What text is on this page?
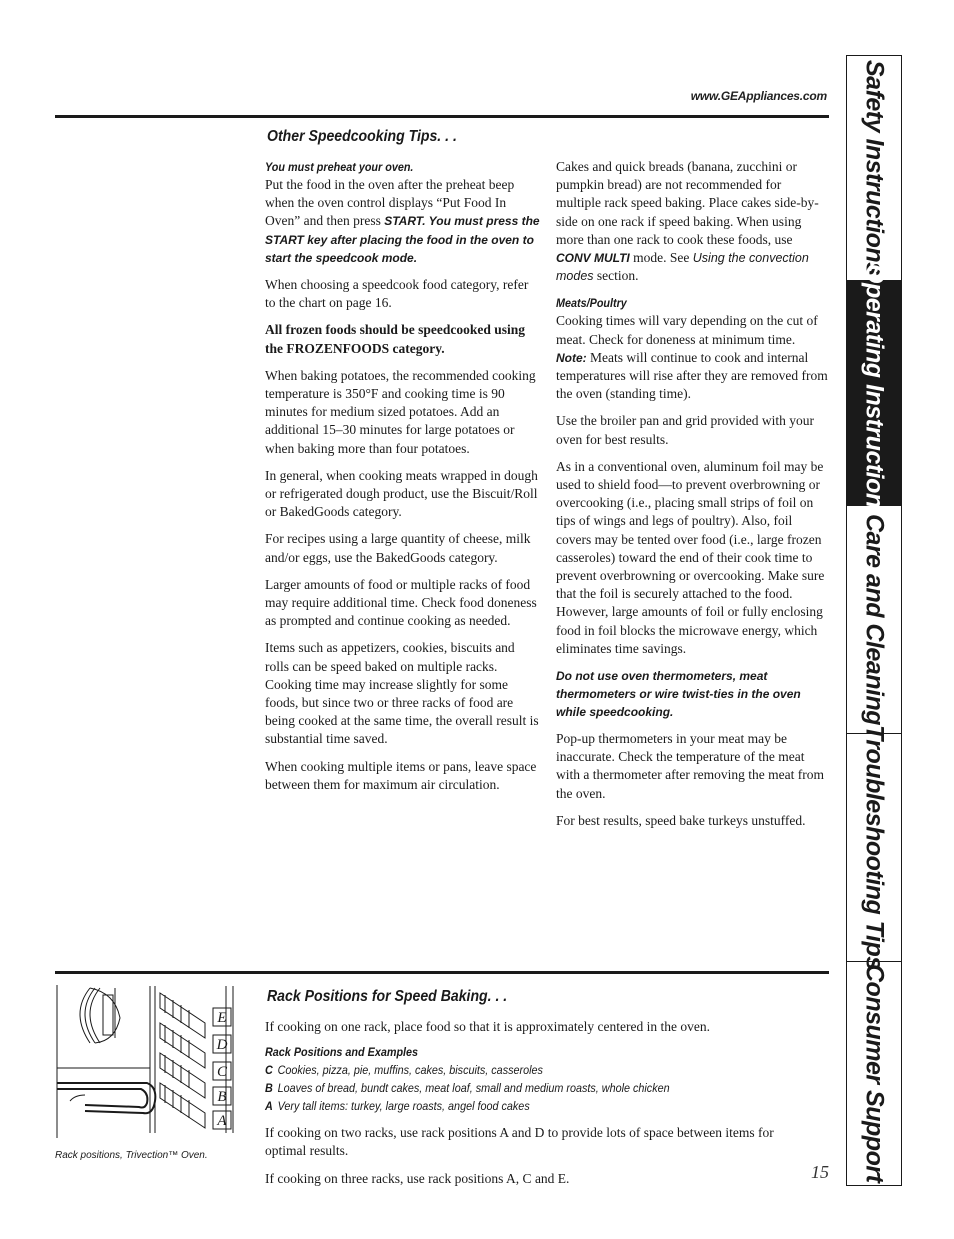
www.GEAppliances.com
Other Speedcooking Tips. . .
You must preheat your oven.

Put the food in the oven after the preheat beep when the oven control displays “Put Food In Oven” and then press START. You must press the START key after placing the food in the oven to start the speedcook mode.

When choosing a speedcook food category, refer to the chart on page 16.

All frozen foods should be speedcooked using the FROZENFOODS category.

When baking potatoes, the recommended cooking temperature is 350°F and cooking time is 90 minutes for medium sized potatoes. Add an additional 15–30 minutes for large potatoes or when baking more than four potatoes.

In general, when cooking meats wrapped in dough or refrigerated dough product, use the Biscuit/Roll or BakedGoods category.

For recipes using a large quantity of cheese, milk and/or eggs, use the BakedGoods category.

Larger amounts of food or multiple racks of food may require additional time. Check food doneness as prompted and continue cooking as needed.

Items such as appetizers, cookies, biscuits and rolls can be speed baked on multiple racks. Cooking time may increase slightly for some foods, but since two or three racks of food are being cooked at the same time, the overall result is substantial time saved.

When cooking multiple items or pans, leave space between them for maximum air circulation.

Cakes and quick breads (banana, zucchini or pumpkin bread) are not recommended for multiple rack speed baking. Place cakes side-by-side on one rack if speed baking. When using more than one rack to cook these foods, use CONV MULTI mode. See Using the convection modes section.

Meats/Poultry

Cooking times will vary depending on the cut of meat. Check for doneness at minimum time. Note: Meats will continue to cook and internal temperatures will rise after they are removed from the oven (standing time).

Use the broiler pan and grid provided with your oven for best results.

As in a conventional oven, aluminum foil may be used to shield food—to prevent overbrowning or overcooking (i.e., placing small strips of foil on tips of wings and legs of poultry). Also, foil covers may be tented over food (i.e., large frozen casseroles) toward the end of their cook time to prevent overbrowning or overcooking. Make sure that the foil is securely attached to the food. However, large amounts of foil or fully enclosing food in foil blocks the microwave energy, which eliminates time savings.

Do not use oven thermometers, meat thermometers or wire twist-ties in the oven while speedcooking.

Pop-up thermometers in your meat may be inaccurate. Check the temperature of the meat with a thermometer after removing the meat from the oven.

For best results, speed bake turkeys unstuffed.

E
D
C
B
A
Rack positions, Trivection™ Oven.
Rack Positions for Speed Baking. . .

If cooking on one rack, place food so that it is approximately centered in the oven.

Rack Positions and Examples
C Cookies, pizza, pie, muffins, cakes, biscuits, casseroles
B Loaves of bread, bundt cakes, meat loaf, small and medium roasts, whole chicken
A Very tall items: turkey, large roasts, angel food cakes

If cooking on two racks, use rack positions A and D to provide lots of space between items for optimal results.

If cooking on three racks, use rack positions A, C and E.	15
Safety Instructions
Operating Instructions
Care and Cleaning
Troubleshooting Tips
Consumer Support
